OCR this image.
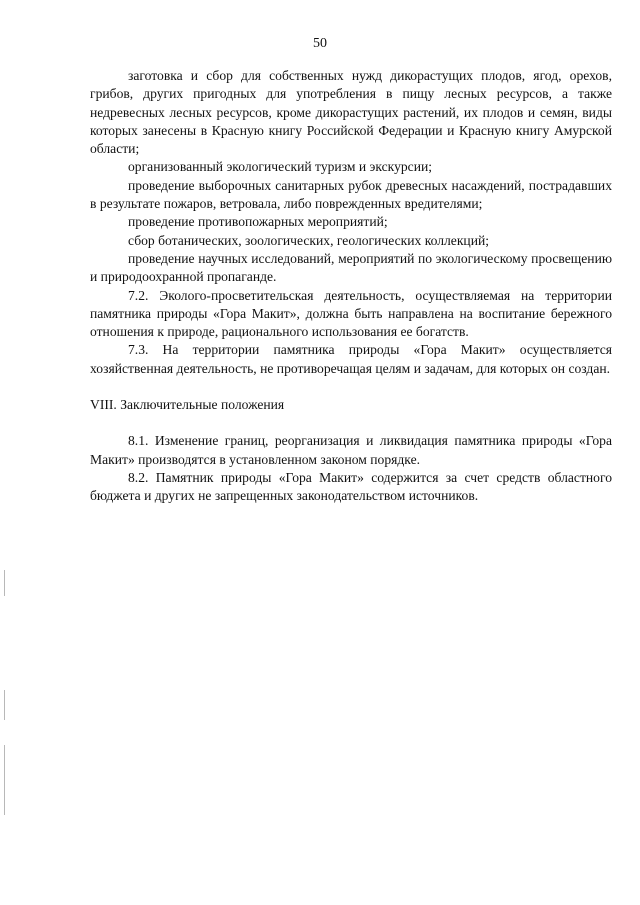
50

заготовка и сбор для собственных нужд дикорастущих плодов, ягод, орехов, грибов, других пригодных для употребления в пищу лесных ресурсов, а также недревесных лесных ресурсов, кроме дикорастущих растений, их плодов и семян, виды которых занесены в Красную книгу Российской Федерации и Красную книгу Амурской области;

организованный экологический туризм и экскурсии;

проведение выборочных санитарных рубок древесных насаждений, пострадавших в результате пожаров, ветровала, либо поврежденных вредителями;

проведение противопожарных мероприятий;

сбор ботанических, зоологических, геологических коллекций;

проведение научных исследований, мероприятий по экологическому просвещению и природоохранной пропаганде.

7.2. Эколого-просветительская деятельность, осуществляемая на территории памятника природы «Гора Макит», должна быть направлена на воспитание бережного отношения к природе, рационального использования ее богатств.

7.3. На территории памятника природы «Гора Макит» осуществляется хозяйственная деятельность, не противоречащая целям и задачам, для которых он создан.

VIII. Заключительные положения

8.1. Изменение границ, реорганизация и ликвидация памятника природы «Гора Макит» производятся в установленном законом порядке.

8.2. Памятник природы «Гора Макит» содержится за счет средств областного бюджета и других не запрещенных законодательством источников.
